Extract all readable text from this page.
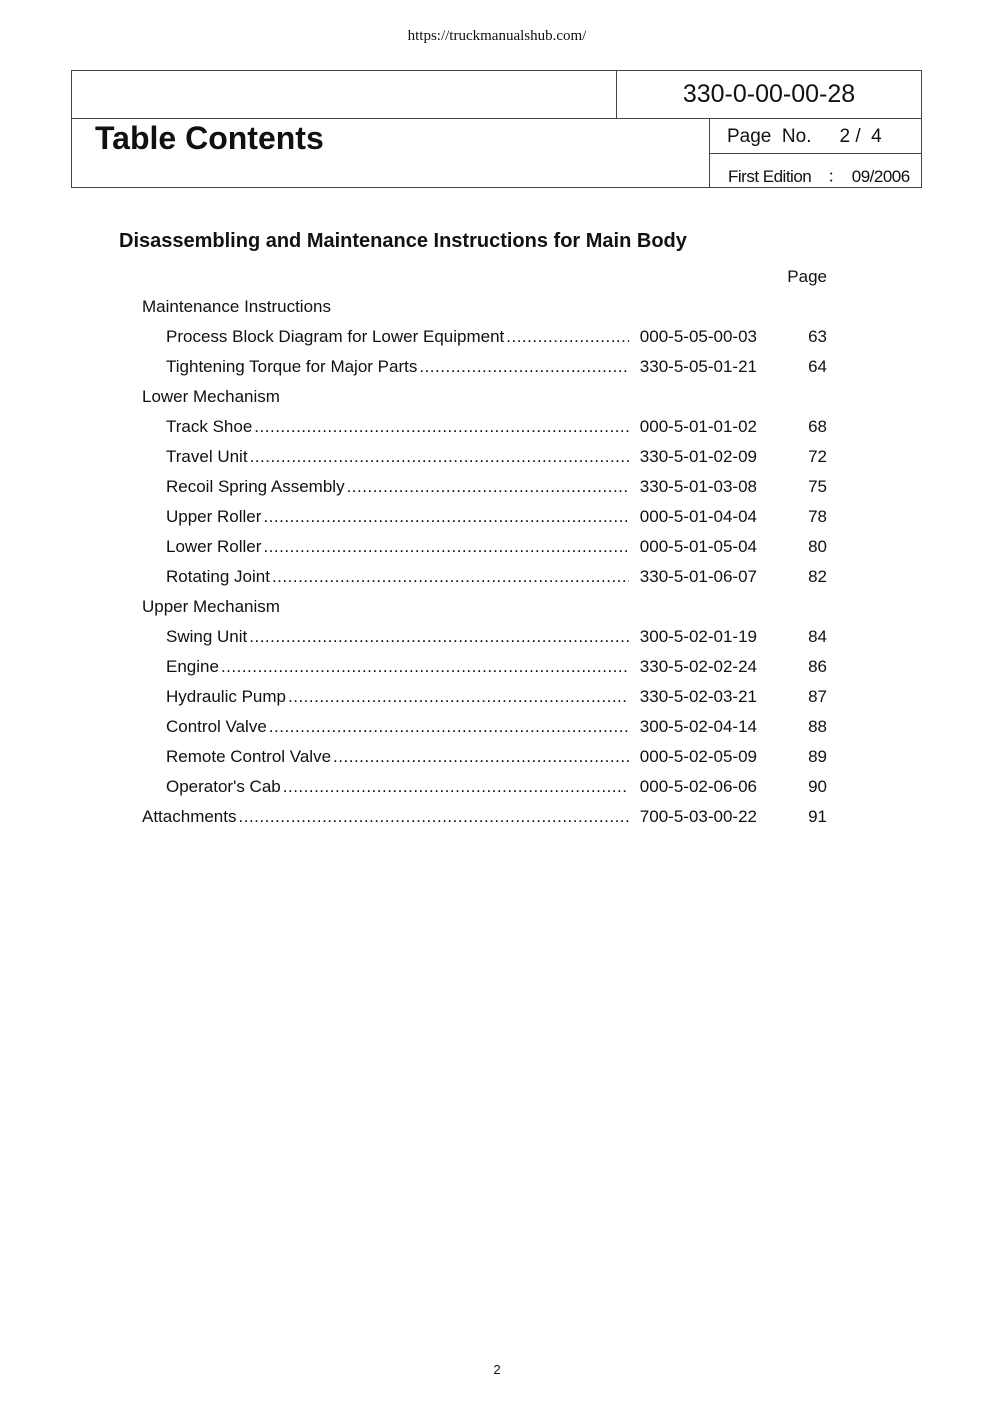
https://truckmanualshub.com/
330-0-00-00-28
Table Contents	Page  No. 2 /  4
First Edition ： 09/2006
Disassembling and Maintenance Instructions for Main Body
Page
Maintenance Instructions
Process Block Diagram for Lower Equipment .....	000-5-05-00-03	63
Tightening Torque for Major Parts .....	330-5-05-01-21	64
Lower Mechanism
Track Shoe .....	000-5-01-01-02	68
Travel Unit .....	330-5-01-02-09	72
Recoil Spring Assembly .....	330-5-01-03-08	75
Upper Roller .....	000-5-01-04-04	78
Lower Roller .....	000-5-01-05-04	80
Rotating Joint .....	330-5-01-06-07	82
Upper Mechanism
Swing Unit .....	300-5-02-01-19	84
Engine .....	330-5-02-02-24	86
Hydraulic Pump .....	330-5-02-03-21	87
Control Valve .....	300-5-02-04-14	88
Remote Control Valve .....	000-5-02-05-09	89
Operator's Cab .....	000-5-02-06-06	90
Attachments .....	700-5-03-00-22	91
2
